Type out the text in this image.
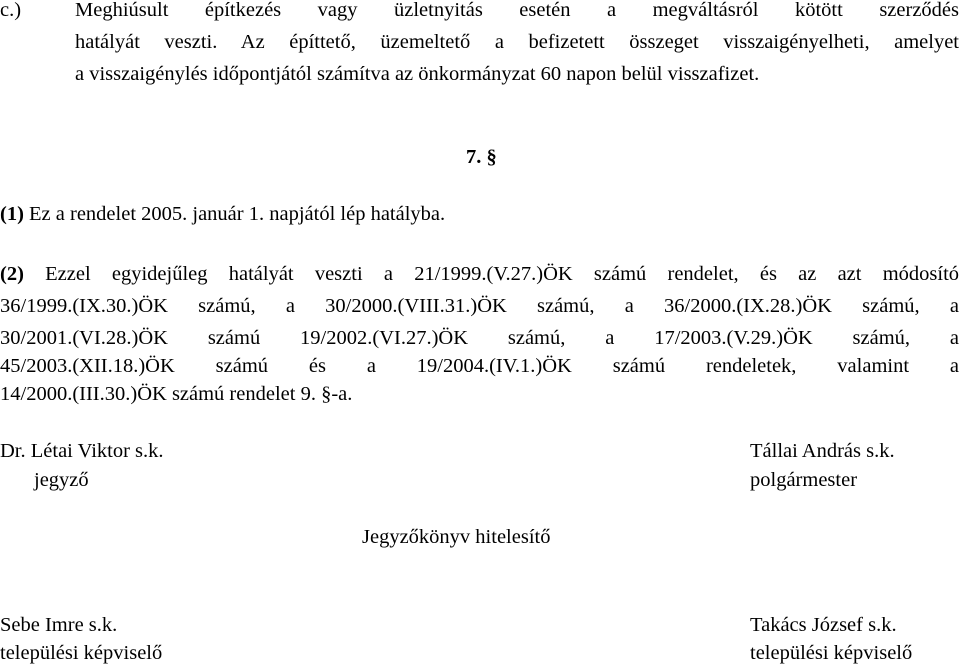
c.)	Meghiúsult építkezés vagy üzletnyitás esetén a megváltásról kötött szerződés
hatályát veszti. Az építtető, üzemeltető a befizetett összeget visszaigényelheti, amelyet
a visszaigénylés időpontjától számítva az önkormányzat 60 napon belül visszafizet.
7. §
(1) Ez a rendelet 2005. január 1. napjától lép hatályba.
(2) Ezzel egyidejűleg hatályát veszti a 21/1999.(V.27.)ÖK számú rendelet, és az azt módosító
36/1999.(IX.30.)ÖK számú, a 30/2000.(VIII.31.)ÖK számú, a 36/2000.(IX.28.)ÖK számú, a
30/2001.(VI.28.)ÖK számú 19/2002.(VI.27.)ÖK számú, a 17/2003.(V.29.)ÖK számú, a
45/2003.(XII.18.)ÖK számú és a 19/2004.(IV.1.)ÖK számú rendeletek, valamint a
14/2000.(III.30.)ÖK számú rendelet 9. §-a.
Dr. Létai Viktor s.k.
jegyző
Tállai András s.k.
polgármester
Jegyzőkönyv hitelesítő
Sebe Imre s.k.
települési képviselő
Takács József s.k.
települési képviselő
